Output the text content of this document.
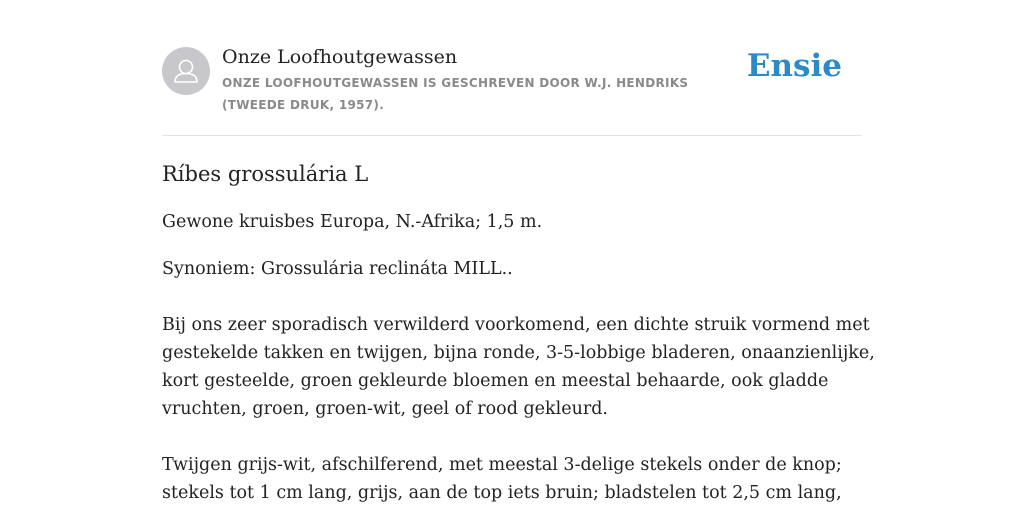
Onze Loofhoutgewassen
ONZE LOOFHOUTGEWASSEN IS GESCHREVEN DOOR W.J. HENDRIKS (TWEEDE DRUK, 1957).
Ensie
Ríbes grossulária L

Gewone kruisbes Europa, N.-Afrika; 1,5 m.

Synoniem: Grossulária reclináta MILL..

Bij ons zeer sporadisch verwilderd voorkomend, een dichte struik vormend met

gestekelde takken en twijgen, bijna ronde, 3-5-lobbige bladeren, onaanzienlijke,

kort gesteelde, groen gekleurde bloemen en meestal behaarde, ook gladde

vruchten, groen, groen-wit, geel of rood gekleurd.

Twijgen grijs-wit, afschilferend, met meestal 3-delige stekels onder de knop;

stekels tot 1 cm lang, grijs, aan de top iets bruin; bladstelen tot 2,5 cm lang,
